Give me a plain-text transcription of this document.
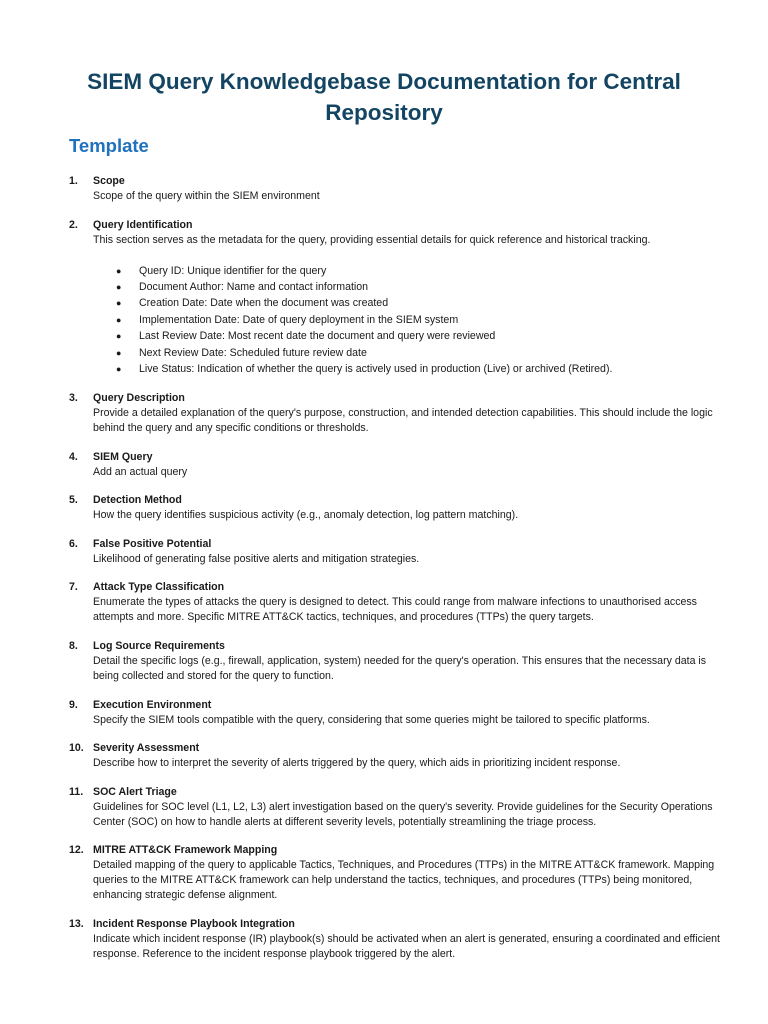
SIEM Query Knowledgebase Documentation for Central Repository
Template
1. Scope
Scope of the query within the SIEM environment
2. Query Identification
This section serves as the metadata for the query, providing essential details for quick reference and historical tracking.
● Query ID: Unique identifier for the query
● Document Author: Name and contact information
● Creation Date: Date when the document was created
● Implementation Date: Date of query deployment in the SIEM system
● Last Review Date: Most recent date the document and query were reviewed
● Next Review Date: Scheduled future review date
● Live Status: Indication of whether the query is actively used in production (Live) or archived (Retired).
3. Query Description
Provide a detailed explanation of the query's purpose, construction, and intended detection capabilities. This should include the logic behind the query and any specific conditions or thresholds.
4. SIEM Query
Add an actual query
5. Detection Method
How the query identifies suspicious activity (e.g., anomaly detection, log pattern matching).
6. False Positive Potential
Likelihood of generating false positive alerts and mitigation strategies.
7. Attack Type Classification
Enumerate the types of attacks the query is designed to detect. This could range from malware infections to unauthorised access attempts and more. Specific MITRE ATT&CK tactics, techniques, and procedures (TTPs) the query targets.
8. Log Source Requirements
Detail the specific logs (e.g., firewall, application, system) needed for the query's operation. This ensures that the necessary data is being collected and stored for the query to function.
9. Execution Environment
Specify the SIEM tools compatible with the query, considering that some queries might be tailored to specific platforms.
10. Severity Assessment
Describe how to interpret the severity of alerts triggered by the query, which aids in prioritizing incident response.
11. SOC Alert Triage
Guidelines for SOC level (L1, L2, L3) alert investigation based on the query's severity. Provide guidelines for the Security Operations Center (SOC) on how to handle alerts at different severity levels, potentially streamlining the triage process.
12. MITRE ATT&CK Framework Mapping
Detailed mapping of the query to applicable Tactics, Techniques, and Procedures (TTPs) in the MITRE ATT&CK framework. Mapping queries to the MITRE ATT&CK framework can help understand the tactics, techniques, and procedures (TTPs) being monitored, enhancing strategic defense alignment.
13. Incident Response Playbook Integration
Indicate which incident response (IR) playbook(s) should be activated when an alert is generated, ensuring a coordinated and efficient response. Reference to the incident response playbook triggered by the alert.
